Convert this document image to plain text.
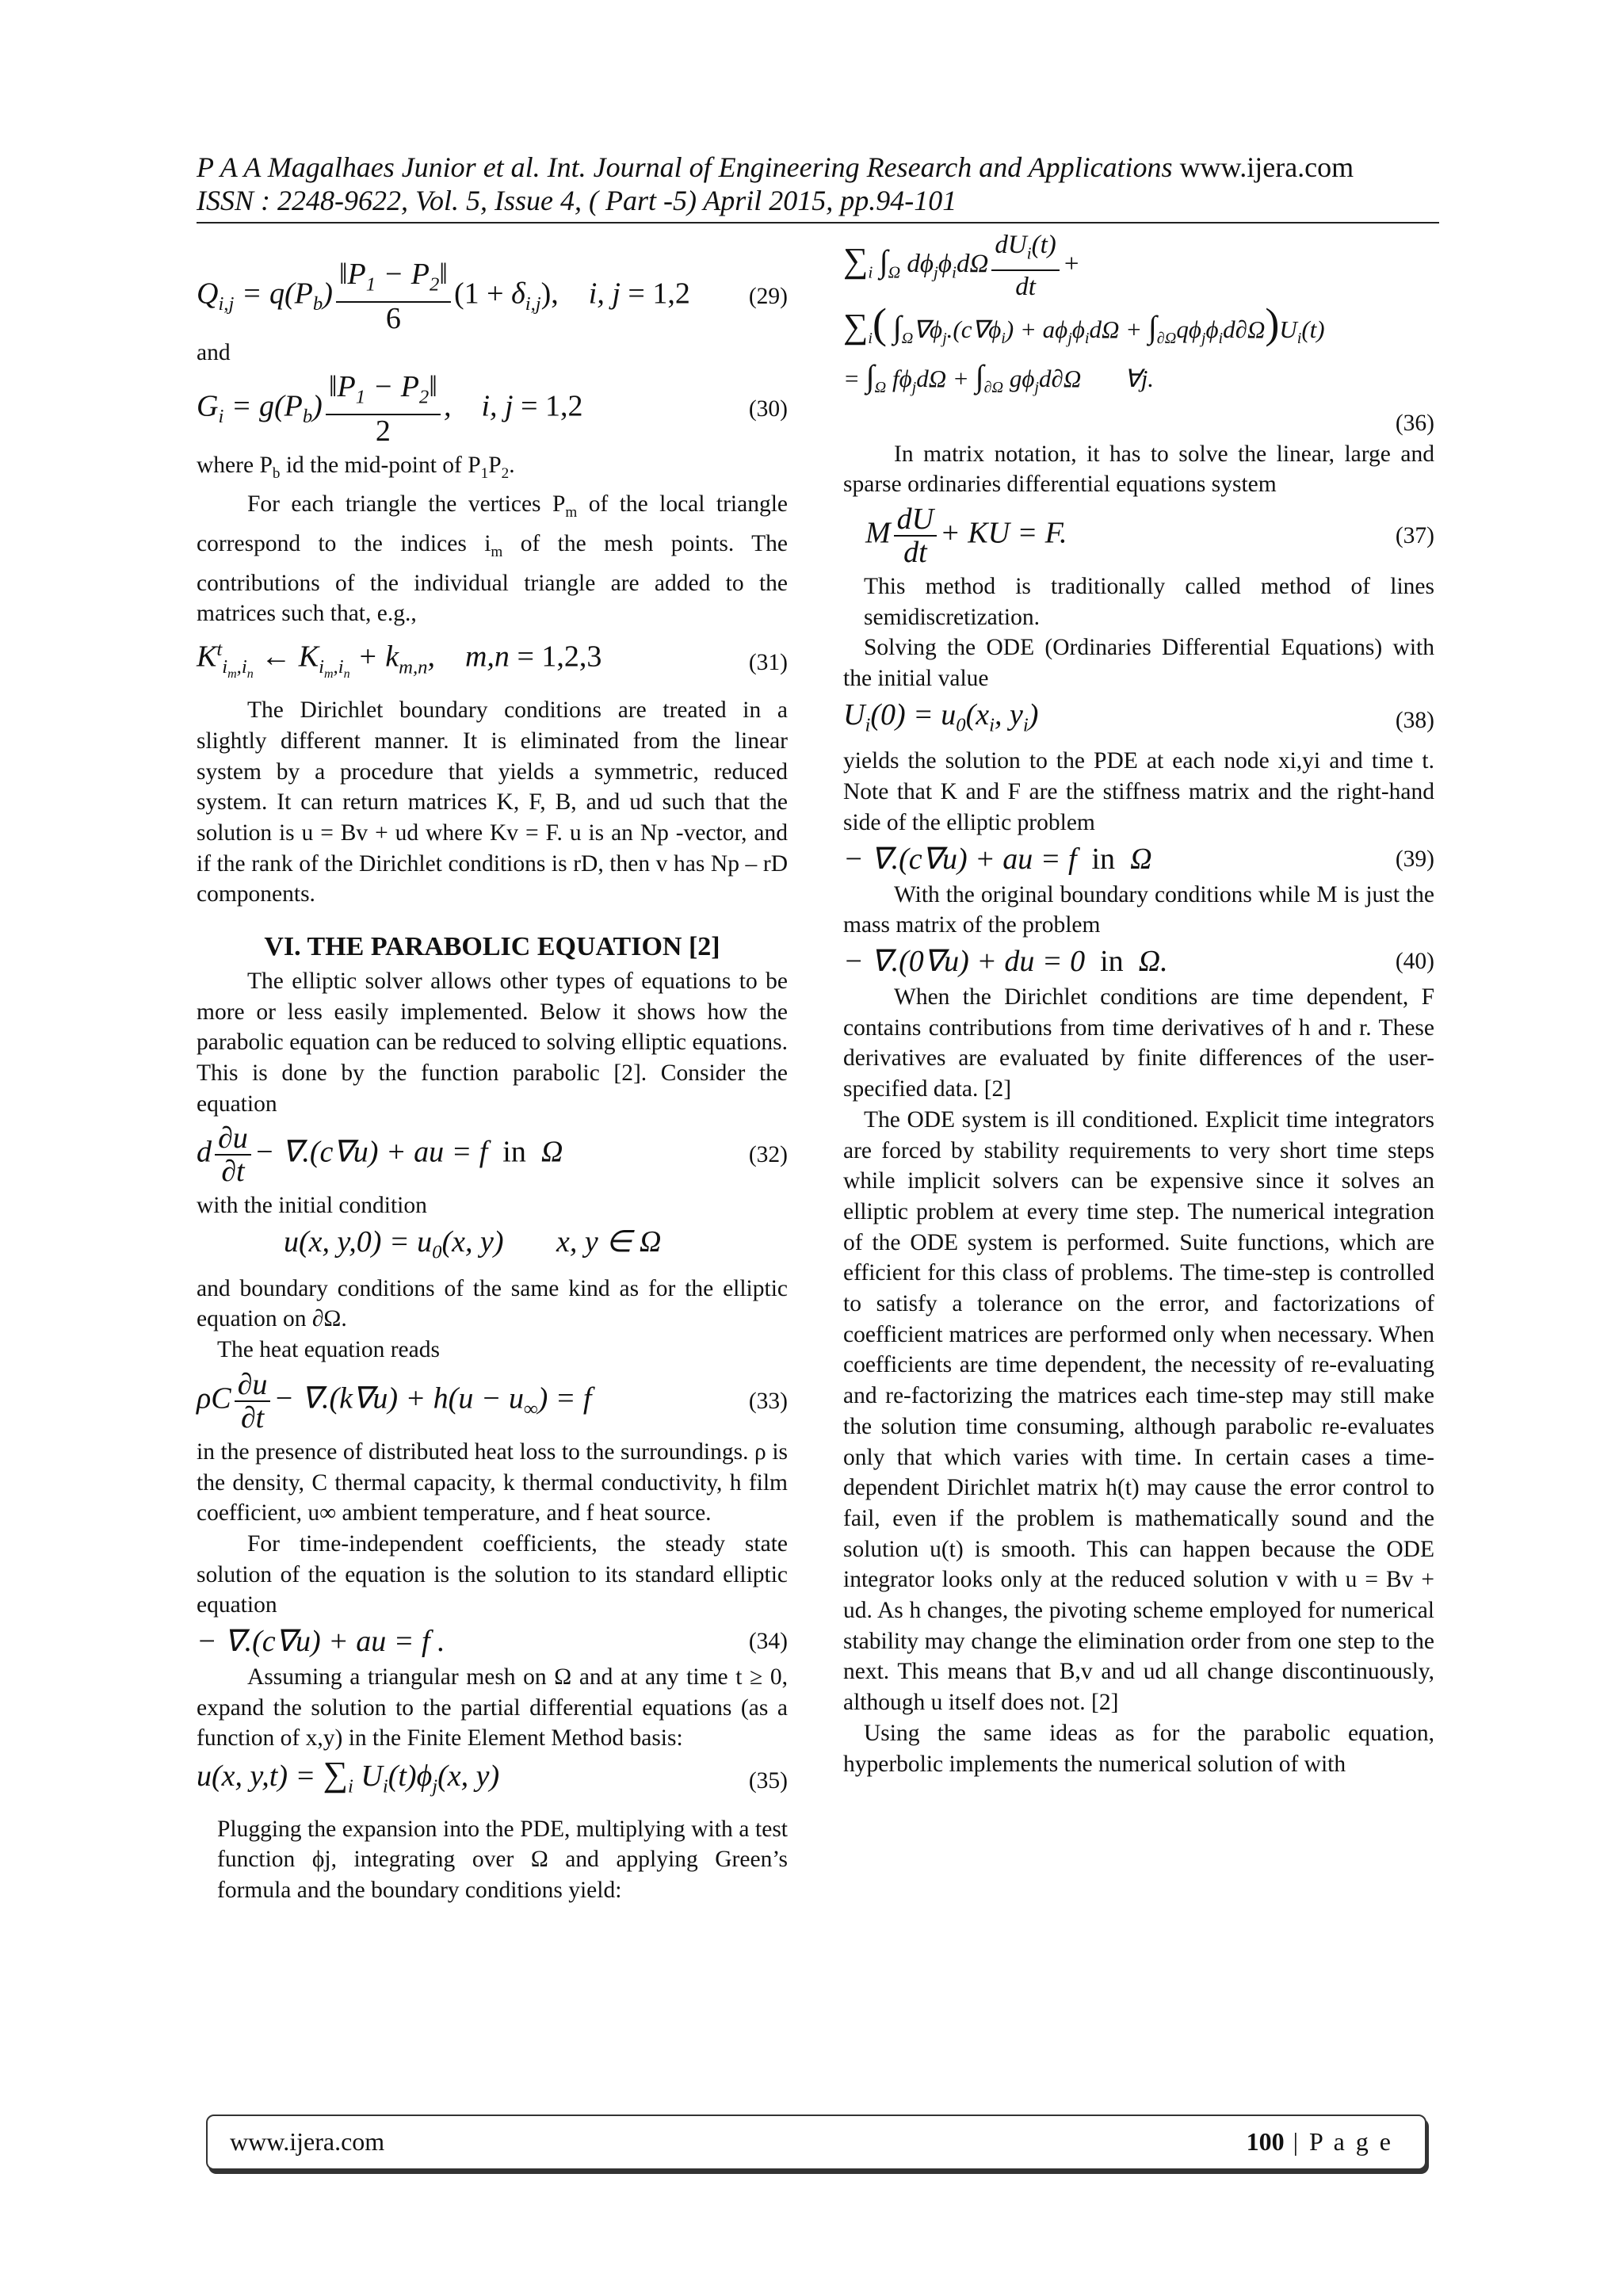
P A A Magalhaes Junior et al. Int. Journal of Engineering Research and Applications www.ijera.com
ISSN : 2248-9622, Vol. 5, Issue 4, ( Part -5) April 2015, pp.94-101
$Q_{i,j} = q(P_b) \frac{‖P_1 - P_2‖}{6} (1 + \delta_{i,j})$,    i, j = 1,2	(29)

and

$G_i = g(P_b) \frac{‖P_1 - P_2‖}{2}$ ,    i, j = 1,2	(30)

where $P_b$ id the mid-point of $P_1P_2$.

For each triangle the vertices $P_m$ of the local triangle correspond to the indices $i_m$ of the mesh points. The contributions of the individual triangle are added to the matrices such that, e.g.,

$K^t_{i_m,i_n}$ ← $K_{i_m,i_n} + k_{m,n}$,    m,n = 1,2,3	(31)

The Dirichlet boundary conditions are treated in a slightly different manner. It is eliminated from the linear system by a procedure that yields a symmetric, reduced system. It can return matrices K, F, B, and ud such that the solution is u = Bv + ud where Kv = F. u is an Np -vector, and if the rank of the Dirichlet conditions is rD, then v has Np – rD components.

VI. THE PARABOLIC EQUATION [2]

The elliptic solver allows other types of equations to be more or less easily implemented. Below it shows how the parabolic equation can be reduced to solving elliptic equations. This is done by the function parabolic [2]. Consider the equation

d $\frac{\partial u}{\partial t} - \nabla.(c\nabla u)$ + au = f  in  Ω	(32)

with the initial condition

u(x, $y,0) = u_0(x$, y)       x, y ∈ Ω

and boundary conditions of the same kind as for the elliptic equation on ∂Ω.

The heat equation reads

ρC $\frac{\partial u}{\partial t} - \nabla.(k\nabla u) + h(u - u_\infty) = f$	(33)

in the presence of distributed heat loss to the surroundings. ρ is the density, C thermal capacity, k thermal conductivity, h film coefficient, u∞ ambient temperature, and f heat source.

For time-independent coefficients, the steady state solution of the equation is the solution to its standard elliptic equation

− ∇.(c∇u) + au = f .	(34)

Assuming a triangular mesh on Ω and at any time t ≥ 0, expand the solution to the partial differential equations (as a function of x,y) in the Finite Element Method basis:

u(x, $y,t) = \sum_i$ $U_i(t)\phi_j(x$, y)	(35)

Plugging the expansion into the PDE, multiplying with a test function ϕj, integrating over Ω and applying Green’s formula and the boundary conditions yield:

$\sum_i$ $\int_\Omega$ $d\phi_j\phi_id\Omega \frac{dU_i(t)}{dt}$ +
$\sum_i$( $\int_\Omega\nabla\phi_j.(c\nabla\phi_i) + a\phi_j\phi_id\Omega + \int_{\partial\Omega}q\phi_j\phi_id\partial\Omega)U_i(t)$
= $\int_\Omega$ $f\phi_jd\Omega + \int_{\partial\Omega}$ $g\phi_jd\partial\Omega$       ∀j.

(36)

In matrix notation, it has to solve the linear, large and sparse ordinaries differential equations system

M $\frac{dU}{dt}$ + KU = F.	(37)

This method is traditionally called method of lines semidiscretization.

Solving the ODE (Ordinaries Differential Equations) with the initial value

$U_i(0) = u_0(x_i$, $y_i$)	(38)

yields the solution to the PDE at each node xi,yi and time t. Note that K and F are the stiffness matrix and the right-hand side of the elliptic problem

− ∇.(c∇u) + au = f  in  Ω	(39)

With the original boundary conditions while M is just the mass matrix of the problem

− ∇.(0∇u) + du = 0  in  Ω.	(40)

When the Dirichlet conditions are time dependent, F contains contributions from time derivatives of h and r. These derivatives are evaluated by finite differences of the user-specified data. [2]

The ODE system is ill conditioned. Explicit time integrators are forced by stability requirements to very short time steps while implicit solvers can be expensive since it solves an elliptic problem at every time step. The numerical integration of the ODE system is performed. Suite functions, which are efficient for this class of problems. The time-step is controlled to satisfy a tolerance on the error, and factorizations of coefficient matrices are performed only when necessary. When coefficients are time dependent, the necessity of re-evaluating and re-factorizing the matrices each time-step may still make the solution time consuming, although parabolic re-evaluates only that which varies with time. In certain cases a time-dependent Dirichlet matrix h(t) may cause the error control to fail, even if the problem is mathematically sound and the solution u(t) is smooth. This can happen because the ODE integrator looks only at the reduced solution v with u = Bv + ud. As h changes, the pivoting scheme employed for numerical stability may change the elimination order from one step to the next. This means that B,v and ud all change discontinuously, although u itself does not. [2]

Using the same ideas as for the parabolic equation, hyperbolic implements the numerical solution of with

www.ijera.com	100 | P a g e
